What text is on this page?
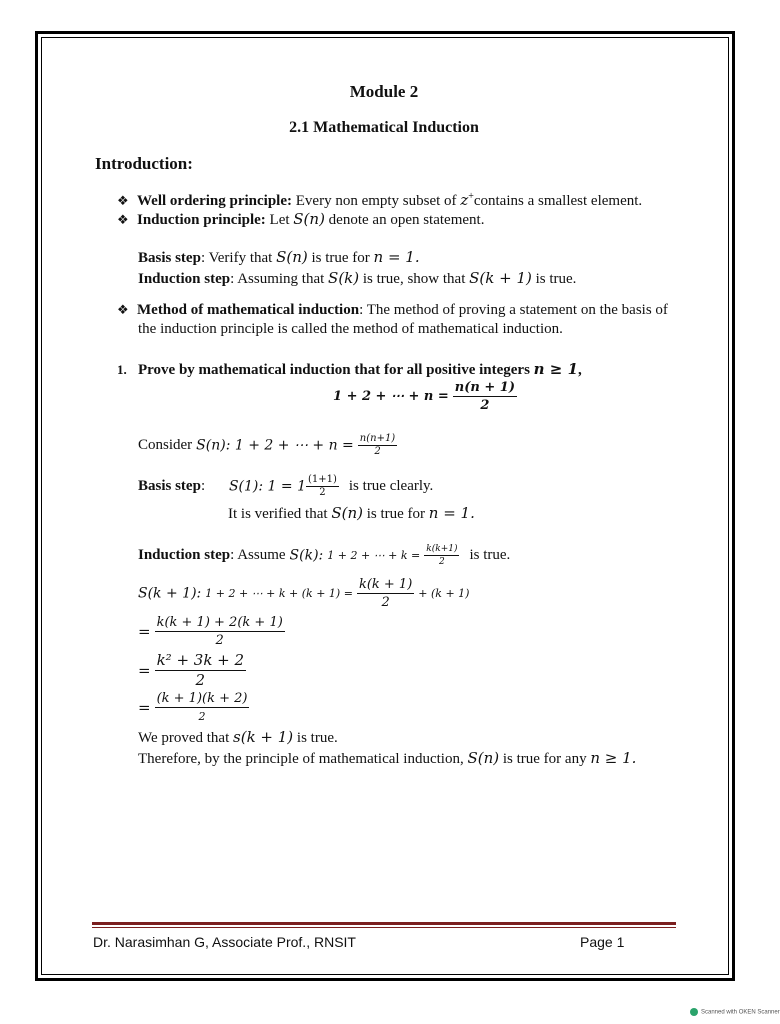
Module 2
2.1 Mathematical Induction
Introduction:
❖ Well ordering principle: Every non empty subset of z+contains a smallest element.
❖ Induction principle: Let S(n) denote an open statement.
Basis step: Verify that S(n) is true for n = 1.
Induction step: Assuming that S(k) is true, show that S(k + 1) is true.
❖ Method of mathematical induction: The method of proving a statement on the basis of
the induction principle is called the method of mathematical induction.
1. Prove by mathematical induction that for all positive integers n ≥ 1,
1 + 2 + ⋯ + $n = \frac{n(n + 1)}{2}$
Consider S(n): 1 + 2 + ⋯ + $n = \frac{n(n+1)}{2}$
Basis step: S(1): $1 = 1 \frac{(1+1)}{2}$ is true clearly.
It is verified that S(n) is true for n = 1.
Induction step: Assume S(k): 1 + 2 + ⋯ + $k = \frac{k(k+1)}{2}$ is true.
S(k + 1): 1 + 2 + ⋯ + $k + (k + 1) = \frac{k(k + 1)}{2} + (k + 1)$
= $\frac{k(k + 1) + 2(k + 1)}{2}$
= $\frac{\text{k² + 3k + 2}}{2}$
= $\frac{(k + 1)(k + 2)}{2}$
We proved that s(k + 1) is true.
Therefore, by the principle of mathematical induction, S(n) is true for any n ≥ 1.
Dr. Narasimhan G, Associate Prof., RNSIT	Page 1
Scanned with OKEN Scanner
